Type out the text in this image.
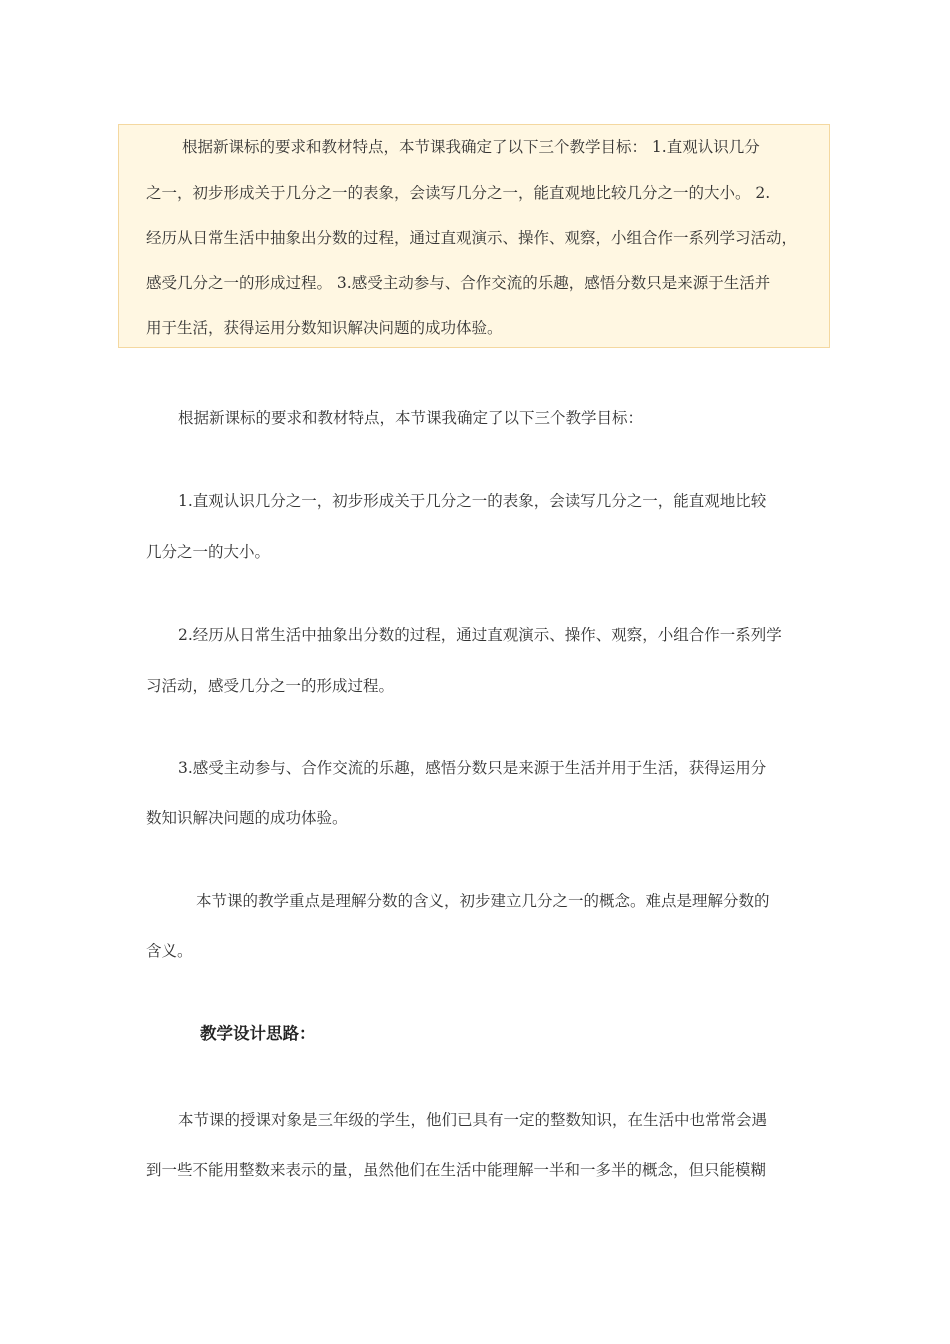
根据新课标的要求和教材特点，本节课我确定了以下三个教学目标： 1.直观认识几分
之一，初步形成关于几分之一的表象，会读写几分之一，能直观地比较几分之一的大小。 2.
经历从日常生活中抽象出分数的过程，通过直观演示、操作、观察，小组合作一系列学习活动，
感受几分之一的形成过程。 3.感受主动参与、合作交流的乐趣，感悟分数只是来源于生活并
用于生活，获得运用分数知识解决问题的成功体验。
根据新课标的要求和教材特点，本节课我确定了以下三个教学目标：
1.直观认识几分之一，初步形成关于几分之一的表象，会读写几分之一，能直观地比较
几分之一的大小。
2.经历从日常生活中抽象出分数的过程，通过直观演示、操作、观察，小组合作一系列学
习活动，感受几分之一的形成过程。
3.感受主动参与、合作交流的乐趣，感悟分数只是来源于生活并用于生活，获得运用分
数知识解决问题的成功体验。
本节课的教学重点是理解分数的含义，初步建立几分之一的概念。难点是理解分数的
含义。
教学设计思路：
本节课的授课对象是三年级的学生，他们已具有一定的整数知识，在生活中也常常会遇
到一些不能用整数来表示的量，虽然他们在生活中能理解一半和一多半的概念，但只能模糊
